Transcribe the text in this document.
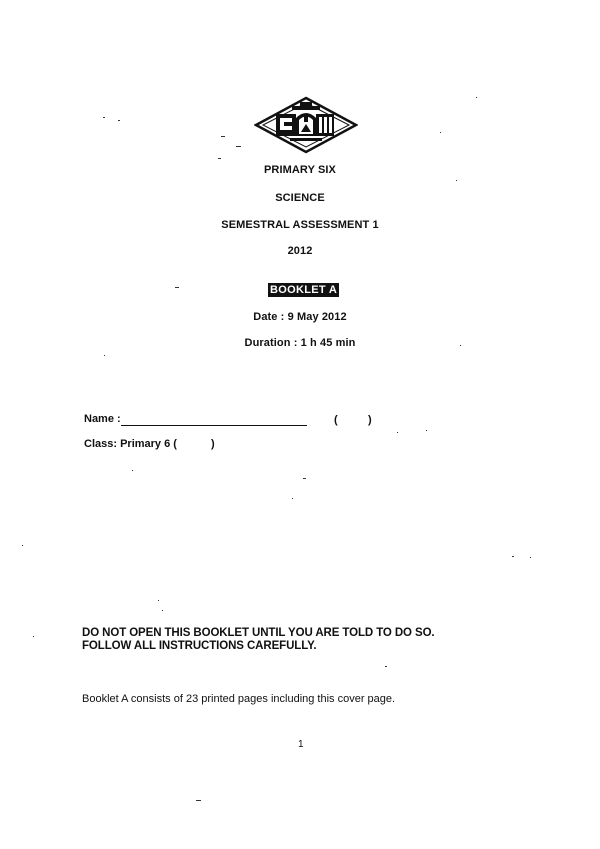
PRIMARY SIX
SCIENCE
SEMESTRAL ASSESSMENT 1
2012
BOOKLET A
Date : 9 May 2012
Duration : 1 h 45 min
Name :	(	)
Class: Primary 6 (	)
DO NOT OPEN THIS BOOKLET UNTIL YOU ARE TOLD TO DO SO.
FOLLOW ALL INSTRUCTIONS CAREFULLY.
Booklet A consists of 23 printed pages including this cover page.
1
